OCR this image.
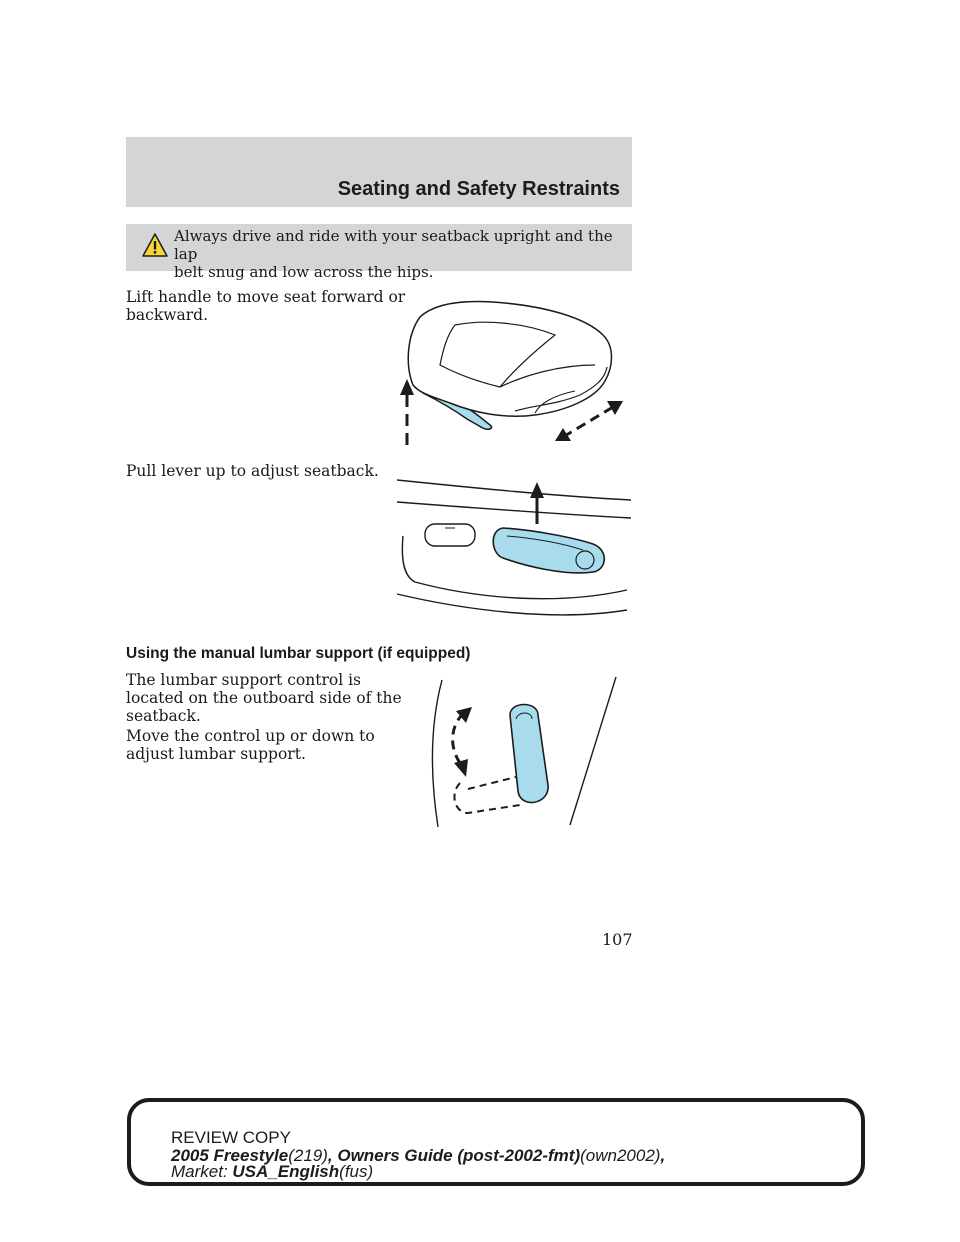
Seating and Safety Restraints
Always drive and ride with your seatback upright and the lap
belt snug and low across the hips.
Lift handle to move seat forward or
backward.
Pull lever up to adjust seatback.
Using the manual lumbar support (if equipped)
The lumbar support control is
located on the outboard side of the
seatback.
Move the control up or down to
adjust lumbar support.
107
REVIEW COPY
2005 Freestyle(219), Owners Guide (post-2002-fmt)(own2002),
Market: USA_English(fus)
